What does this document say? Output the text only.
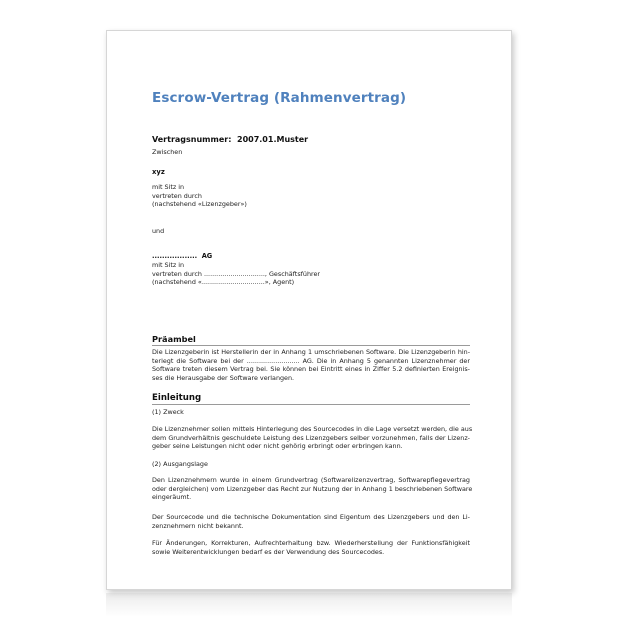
Escrow-Vertrag (Rahmenvertrag)
Vertragsnummer: 2007.01.Muster
Zwischen
xyz
mit Sitz in
vertreten durch
(nachstehend «Lizenzgeber»)
und
.................. AG
mit Sitz in
vertreten durch .............................., Geschäftsführer
(nachstehend «...............................», Agent)
Präambel
Die Lizenzgeberin ist Herstellerin der in Anhang 1 umschriebenen Software. Die Lizenzgeberin hin-
terlegt die Software bei der .......................... AG. Die in Anhang 5 genannten Lizenznehmer der
Software treten diesem Vertrag bei. Sie können bei Eintritt eines in Ziffer 5.2 definierten Ereignis-
ses die Herausgabe der Software verlangen.
Einleitung
(1) Zweck
Die Lizenznehmer sollen mittels Hinterlegung des Sourcecodes in die Lage versetzt werden, die aus
dem Grundverhältnis geschuldete Leistung des Lizenzgebers selber vorzunehmen, falls der Lizenz-
geber seine Leistungen nicht oder nicht gehörig erbringt oder erbringen kann.
(2) Ausgangslage
Den Lizenznehmern wurde in einem Grundvertrag (Softwarelizenzvertrag, Softwarepflegevertrag
oder dergleichen) vom Lizenzgeber das Recht zur Nutzung der in Anhang 1 beschriebenen Software
eingeräumt.
Der Sourcecode und die technische Dokumentation sind Eigentum des Lizenzgebers und den Li-
zenznehmern nicht bekannt.
Für Änderungen, Korrekturen, Aufrechterhaltung bzw. Wiederherstellung der Funktionsfähigkeit
sowie Weiterentwicklungen bedarf es der Verwendung des Sourcecodes.
